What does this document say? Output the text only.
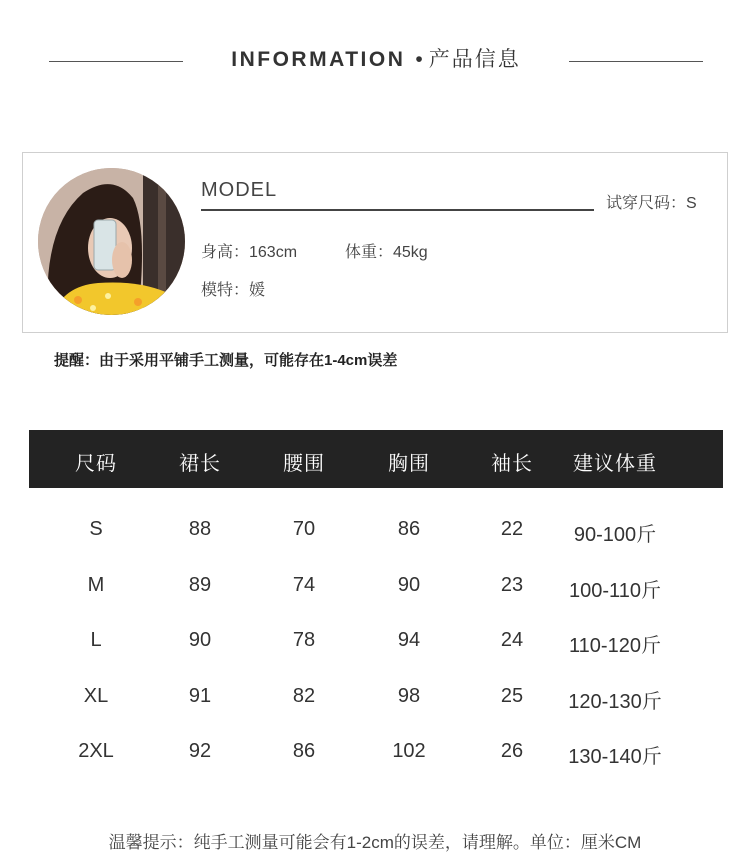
INFORMATION • 产品信息
MODEL
试穿尺码：S
身高：163cm	体重：45kg
模特：媛
提醒：由于采用平铺手工测量，可能存在1-4cm误差
尺码	裙长	腰围	胸围	袖长	建议体重
S	88	70	86	22	90-100斤
M	89	74	90	23	100-110斤
L	90	78	94	24	110-120斤
XL	91	82	98	25	120-130斤
2XL	92	86	102	26	130-140斤
温馨提示：纯手工测量可能会有1-2cm的误差，请理解。单位：厘米CM
